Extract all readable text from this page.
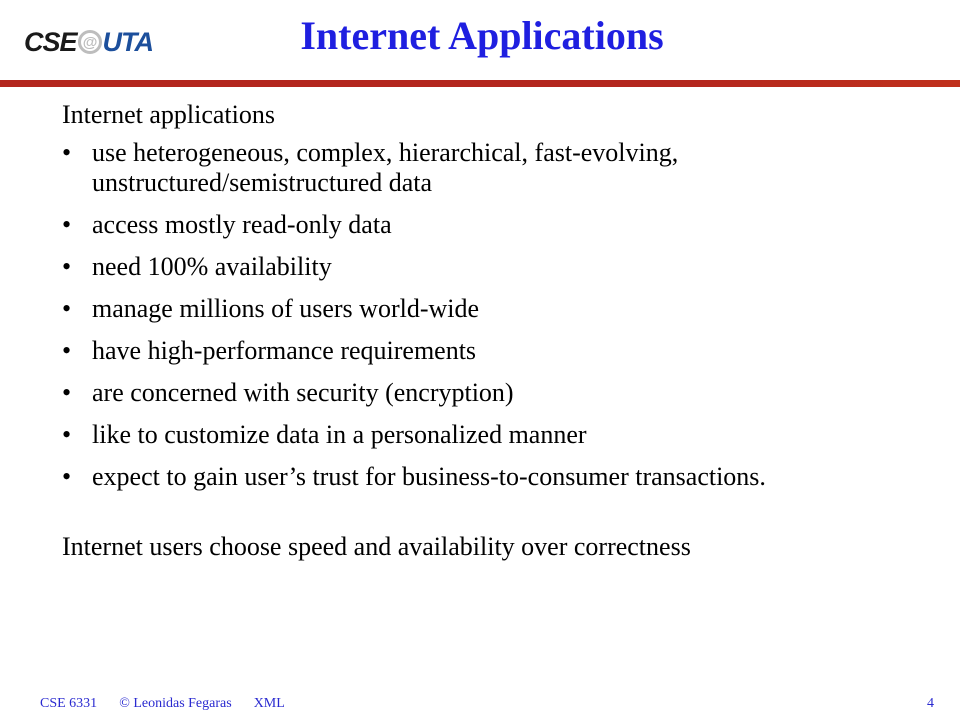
CSE @ UTA	Internet Applications

Internet applications

• use heterogeneous, complex, hierarchical, fast-evolving, unstructured/semistructured data
• access mostly read-only data
• need 100% availability
• manage millions of users world-wide
• have high-performance requirements
• are concerned with security (encryption)
• like to customize data in a personalized manner
• expect to gain user’s trust for business-to-consumer transactions.

Internet users choose speed and availability over correctness

CSE 6331 © Leonidas Fegaras XML	4
